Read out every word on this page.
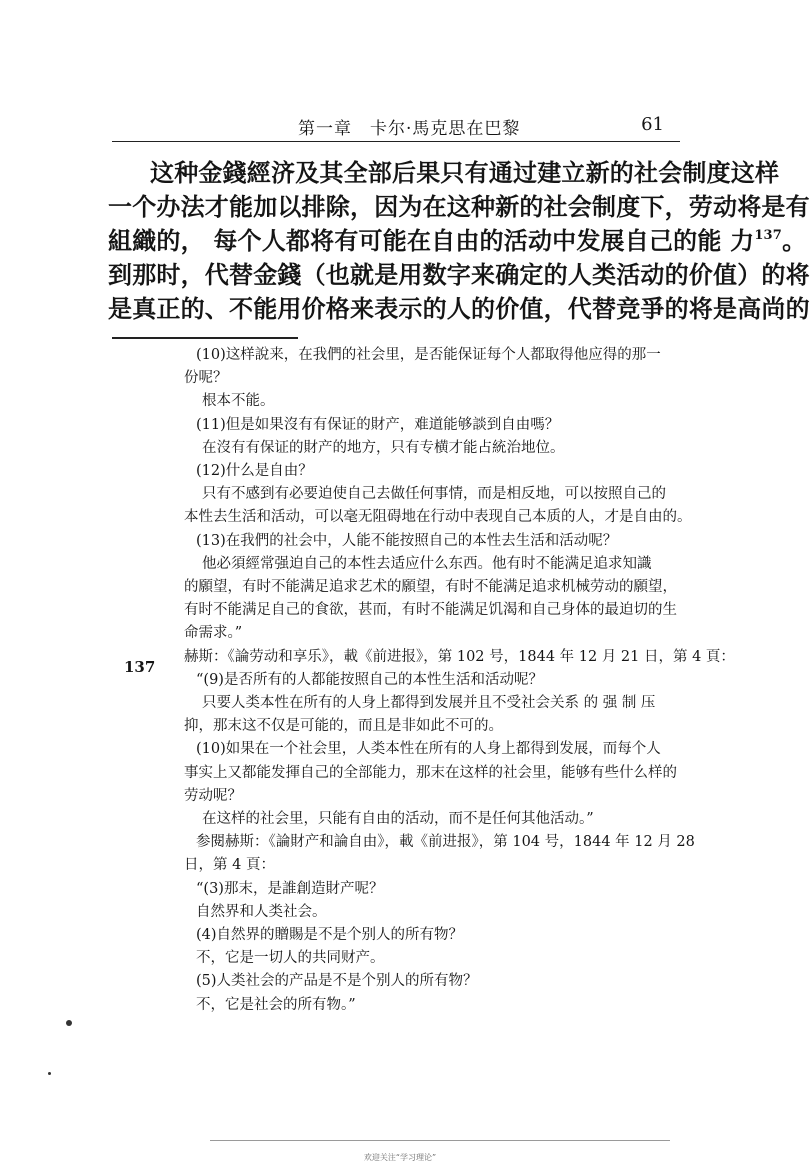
第一章　卡尔·馬克思在巴黎	61
这种金錢經济及其全部后果只有通过建立新的社会制度这样
一个办法才能加以排除，因为在这种新的社会制度下，劳动将是有
組織的， 每个人都将有可能在自由的活动中发展自己的能 力$^{137}$。
到那时，代替金錢（也就是用数字来确定的人类活动的价值）的将
是真正的、不能用价格来表示的人的价值，代替竞爭的将是高尚的
137
(10)这样說来，在我們的社会里，是否能保证每个人都取得他应得的那一
份呢？
根本不能。
(11)但是如果沒有有保证的財产，难道能够談到自由嗎？
在沒有有保证的財产的地方，只有专横才能占統治地位。
(12)什么是自由？
只有不感到有必要迫使自己去做任何事情，而是相反地，可以按照自己的
本性去生活和活动，可以毫无阻碍地在行动中表现自己本质的人，才是自由的。
(13)在我們的社会中，人能不能按照自己的本性去生活和活动呢？
他必須經常强迫自己的本性去适应什么东西。他有时不能满足追求知識
的願望，有时不能满足追求艺术的願望，有时不能满足追求机械劳动的願望，
有时不能满足自己的食欲，甚而，有时不能满足饥渴和自己身体的最迫切的生
命需求。”
赫斯：《論劳动和享乐》，載《前进报》，第 102 号，1844 年 12 月 21 日，第 4 頁：
“(9)是否所有的人都能按照自己的本性生活和活动呢？
只要人类本性在所有的人身上都得到发展并且不受社会关系 的 强 制 压
抑，那末这不仅是可能的，而且是非如此不可的。
(10)如果在一个社会里，人类本性在所有的人身上都得到发展，而每个人
事实上又都能发揮自己的全部能力，那末在这样的社会里，能够有些什么样的
劳动呢？
在这样的社会里，只能有自由的活动，而不是任何其他活动。”
参閱赫斯：《論財产和論自由》，載《前进报》，第 104 号，1844 年 12 月 28
日，第 4 頁：
“(3)那末，是誰創造財产呢？
自然界和人类社会。
(4)自然界的贈賜是不是个别人的所有物？
不，它是一切人的共同财产。
(5)人类社会的产品是不是个别人的所有物？
不，它是社会的所有物。”
欢迎关注“学习理论”
